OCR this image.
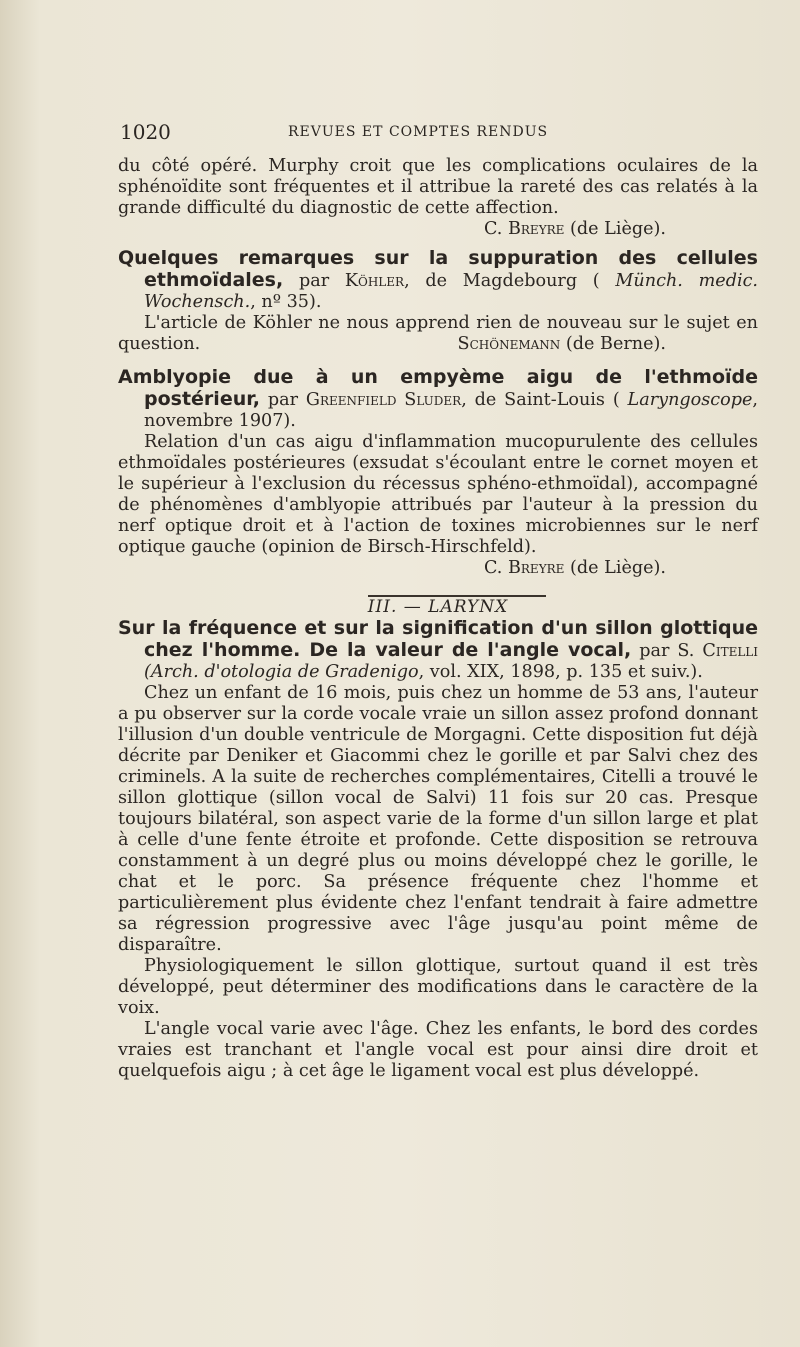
1020	REVUES ET COMPTES RENDUS

du côté opéré. Murphy croit que les complications oculaires de la sphénoïdite sont fréquentes et il attribue la rareté des cas relatés à la grande difficulté du diagnostic de cette affection.

C. Breyre (de Liège).

Quelques remarques sur la suppuration des cellules ethmoïdales, par Köhler, de Magdebourg ( Münch. medic. Wochensch., nº 35).

L'article de Köhler ne nous apprend rien de nouveau sur le sujet en question.	Schönemann (de Berne).

Amblyopie due à un empyème aigu de l'ethmoïde postérieur, par Greenfield Sluder, de Saint-Louis ( Laryngoscope, novembre 1907).

Relation d'un cas aigu d'inflammation mucopurulente des cellules ethmoïdales postérieures (exsudat s'écoulant entre le cornet moyen et le supérieur à l'exclusion du récessus sphéno-ethmoïdal), accompagné de phénomènes d'amblyopie attribués par l'auteur à la pression du nerf optique droit et à l'action de toxines microbiennes sur le nerf optique gauche (opinion de Birsch-Hirschfeld).

C. Breyre (de Liège).

III. — LARYNX

Sur la fréquence et sur la signification d'un sillon glottique chez l'homme. De la valeur de l'angle vocal, par S. Citelli (Arch. d'otologia de Gradenigo, vol. XIX, 1898, p. 135 et suiv.).

Chez un enfant de 16 mois, puis chez un homme de 53 ans, l'auteur a pu observer sur la corde vocale vraie un sillon assez profond donnant l'illusion d'un double ventricule de Morgagni. Cette disposition fut déjà décrite par Deniker et Giacommi chez le gorille et par Salvi chez des criminels. A la suite de recherches complémentaires, Citelli a trouvé le sillon glottique (sillon vocal de Salvi) 11 fois sur 20 cas. Presque toujours bilatéral, son aspect varie de la forme d'un sillon large et plat à celle d'une fente étroite et profonde. Cette disposition se retrouva constamment à un degré plus ou moins développé chez le gorille, le chat et le porc. Sa présence fréquente chez l'homme et particulièrement plus évidente chez l'enfant tendrait à faire admettre sa régression progressive avec l'âge jusqu'au point même de disparaître.

Physiologiquement le sillon glottique, surtout quand il est très développé, peut déterminer des modifications dans le caractère de la voix.

L'angle vocal varie avec l'âge. Chez les enfants, le bord des cordes vraies est tranchant et l'angle vocal est pour ainsi dire droit et quelquefois aigu ; à cet âge le ligament vocal est plus développé.
